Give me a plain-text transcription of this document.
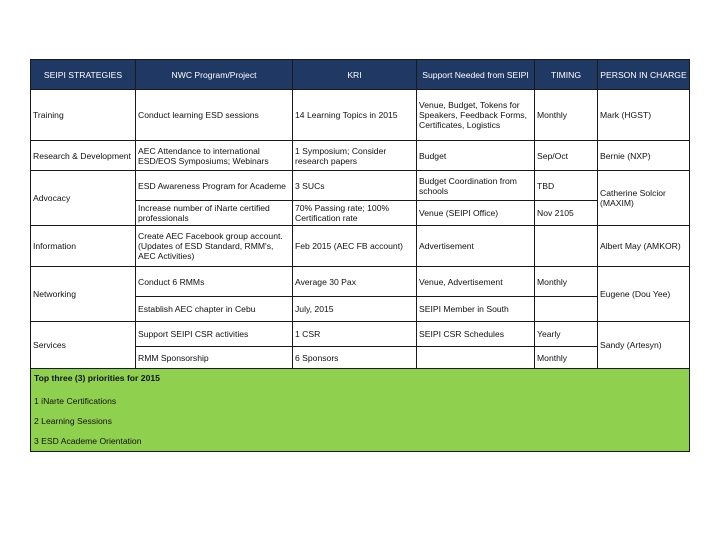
SEIPI STRATEGIES	NWC Program/Project	KRI	Support Needed from SEIPI	TIMING	PERSON IN CHARGE
Training	Conduct learning ESD sessions	14 Learning Topics in 2015	Venue, Budget, Tokens for Speakers, Feedback Forms, Certificates, Logistics	Monthly	Mark (HGST)
Research & Development	AEC Attendance to international ESD/EOS Symposiums; Webinars	1 Symposium; Consider research papers	Budget	Sep/Oct	Bernie (NXP)
Advocacy	ESD Awareness Program for Academe	3 SUCs	Budget Coordination from schools	TBD	Catherine Solcior (MAXIM)
	Increase number of iNarte certified professionals	70% Passing rate; 100% Certification rate	Venue (SEIPI Office)	Nov 2105	
Information	Create AEC Facebook group account. (Updates of ESD Standard, RMM's, AEC Activities)	Feb 2015 (AEC FB account)	Advertisement		Albert May (AMKOR)
Networking	Conduct 6 RMMs	Average 30 Pax	Venue, Advertisement	Monthly	Eugene (Dou Yee)
	Establish AEC chapter in Cebu	July, 2015	SEIPI Member in South		
Services	Support SEIPI CSR activities	1 CSR	SEIPI CSR Schedules	Yearly	Sandy (Artesyn)
	RMM Sponsorship	6 Sponsors		Monthly	

Top three (3) priorities for 2015
1 iNarte Certifications
2 Learning Sessions
3 ESD Academe Orientation					
